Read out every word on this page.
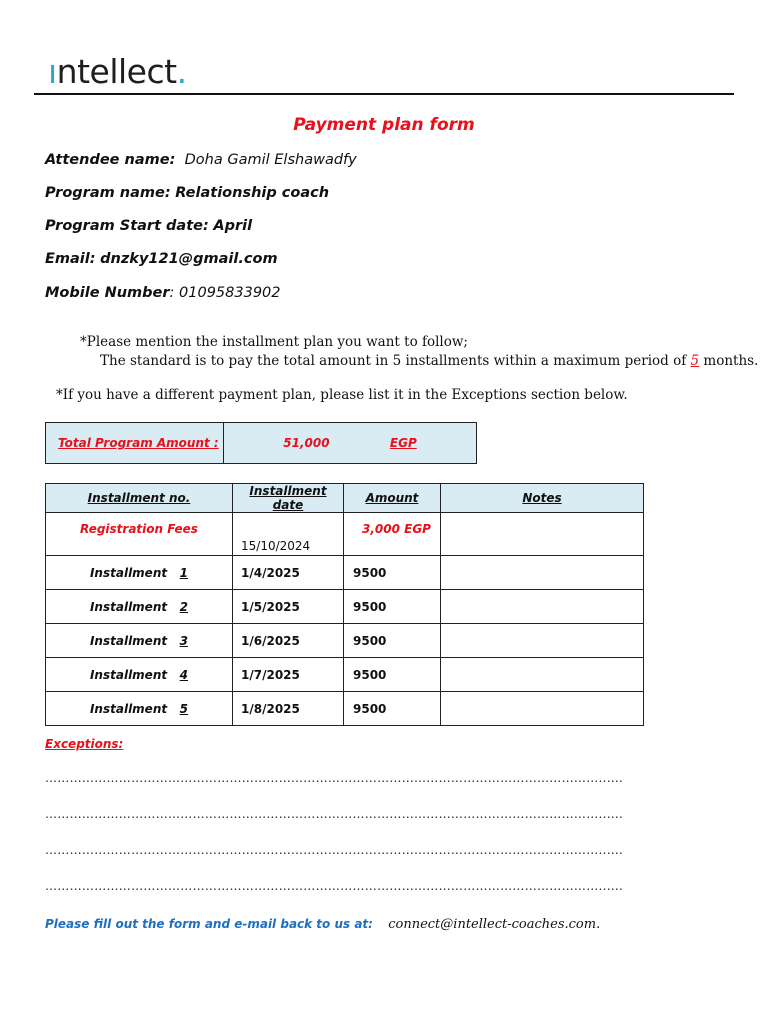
ıntellect.
Payment plan form
Attendee name: Doha Gamil Elshawadfy
Program name: Relationship coach
Program Start date: April
Email: dnzky121@gmail.com
Mobile Number: 01095833902
*Please mention the installment plan you want to follow;
The standard is to pay the total amount in 5 installments within a maximum period of 5 months.
*If you have a different payment plan, please list it in the Exceptions section below.
Total Program Amount :	51,000	EGP
Installment no.	Installment date	Amount	Notes
Registration Fees	15/10/2024	3,000 EGP	
Installment 1	1/4/2025	9500	
Installment 2	1/5/2025	9500	
Installment 3	1/6/2025	9500	
Installment 4	1/7/2025	9500	
Installment 5	1/8/2025	9500	
Exceptions:
………………………………………………………………………………………………………………………..….
………………………………………………………………………………………………………………………..….
………………………………………………………………………………………………………………………..….
………………………………………………………………………………………………………………………..….
Please fill out the form and e-mail back to us at: connect@intellect-coaches.com.
